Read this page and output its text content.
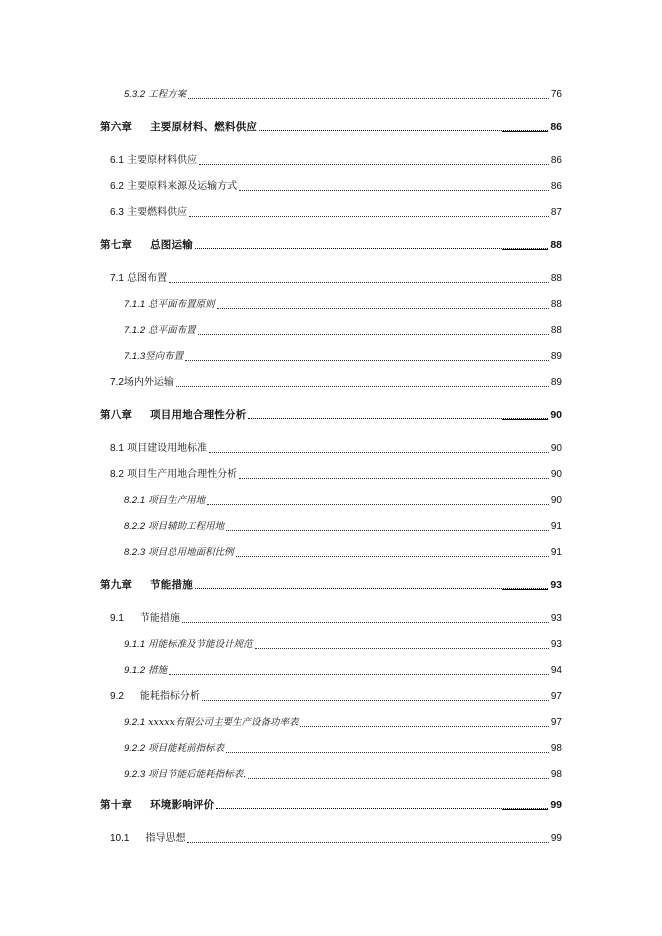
5.3.2 工程方案	76
第六章 主要原材料、燃料供应	86
6.1 主要原材料供应	86
6.2 主要原料来源及运输方式	86
6.3 主要燃料供应	87
第七章 总图运输	88
7.1 总图布置	88
7.1.1 总平面布置原则	88
7.1.2 总平面布置	88
7.1.3竖向布置	89
7.2场内外运输	89
第八章 项目用地合理性分析	90
8.1 项目建设用地标准	90
8.2 项目生产用地合理性分析	90
8.2.1 项目生产用地	90
8.2.2 项目辅助工程用地	91
8.2.3 项目总用地面积比例	91
第九章 节能措施	93
9.1 节能措施	93
9.1.1 用能标准及节能设计规范	93
9.1.2 措施	94
9.2 能耗指标分析	97
9.2.1 xxxxx有限公司主要生产设备功率表	97
9.2.2 项目能耗前指标表	98
9.2.3 项目节能后能耗指标表.	98
第十章 环境影响评价	99
10.1 指导思想	99
